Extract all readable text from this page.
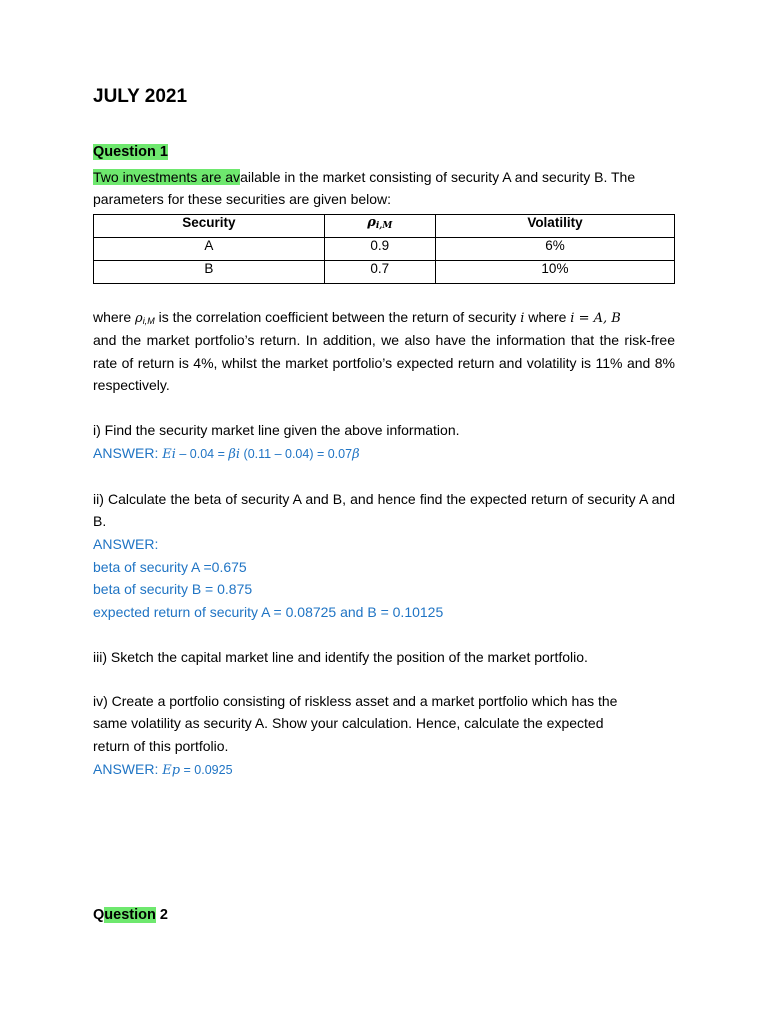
JULY 2021
Question 1
Two investments are available in the market consisting of security A and security B. The
parameters for these securities are given below:
Security	$\rho_{i,M}$	Volatility
A	0.9	6%
B	0.7	10%
where $\rho_{i,M}$ is the correlation coefficient between the return of security i where i = A, B
and the market portfolio’s return. In addition, we also have the information that the risk-free
rate of return is 4%, whilst the market portfolio’s expected return and volatility is 11% and 8%
respectively.
i) Find the security market line given the above information.
ANSWER: Ei – 0.04 = βi (0.11 – 0.04) = 0.07β
ii) Calculate the beta of security A and B, and hence find the expected return of security A and
B.
ANSWER:
beta of security A =0.675
beta of security B = 0.875
expected return of security A = 0.08725 and B = 0.10125
iii) Sketch the capital market line and identify the position of the market portfolio.
iv) Create a portfolio consisting of riskless asset and a market portfolio which has the
same volatility as security A. Show your calculation. Hence, calculate the expected
return of this portfolio.
ANSWER: Ep = 0.0925
Question 2
